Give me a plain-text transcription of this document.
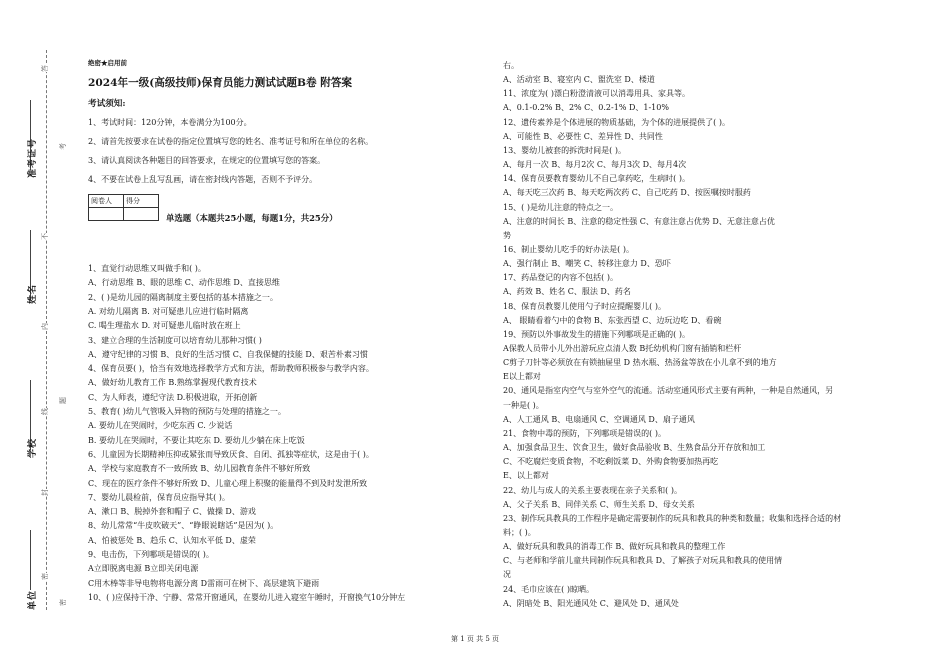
准考证号
姓名
学校
单位
答
不
内
线
封
密
考
题
密
绝密★启用前
2024年一级(高级技师)保育员能力测试试题B卷 附答案
考试须知:
1、考试时间：120分钟，本卷满分为100分。
2、请首先按要求在试卷的指定位置填写您的姓名、准考证号和所在单位的名称。
3、请认真阅读各种题目的回答要求，在规定的位置填写您的答案。
4、不要在试卷上乱写乱画，请在密封线内答题，否则不予评分。
阅卷人	得分

单选题（本题共25小题，每题1分，共25分）
1、直觉行动思维又叫做手和( )。
A、行动思维 B、眼的思维 C、动作思维 D、直接思维
2、( )是幼儿园的隔离制度主要包括的基本措施之一。
A. 对幼儿隔离 B. 对可疑患儿应进行临时隔离
C. 喝生理盐水 D. 对可疑患儿临时放在班上
3、建立合理的生活制度可以培育幼儿那种习惯( )
A、遵守纪律的习惯 B、良好的生活习惯 C、自我保健的技能 D、艰苦朴素习惯
4、保育员要( )，恰当有效地选择教学方式和方法，帮助教师积极参与教学内容。
A、做好幼儿教育工作 B.熟练掌握现代教育技术
C、为人师表，遵纪守法 D.积极进取，开拓创新
5、教育( )幼儿气管吸入异物的预防与处理的措施之一。
A. 要幼儿在哭闹时，少吃东西 C. 少说话
B. 要幼儿在哭闹时，不要让其吃东 D. 要幼儿少躺在床上吃饭
6、儿童因为长期精神压抑或紧张而导致厌食、自闭、孤独等症状，这是由于( )。
A、学校与家庭教育不一致所致 B、幼儿园教育条件不够好所致
C、现在的医疗条件不够好所致 D、儿童心理上积聚的能量得不到及时发泄所致
7、婴幼儿晨检前，保育员应指导其( )。
A、漱口 B、脱掉外套和帽子 C、做操 D、游戏
8、幼儿常常“牛皮吹破天”、“睁眼说瞎话”是因为( )。
A、怕被惩处 B、趋乐 C、认知水平低 D、虚荣
9、电击伤，下列哪项是错误的( )。
A立即脱离电源 B立即关闭电源
C用木棒等非导电物将电源分离 D雷雨可在树下、高层建筑下避雨
10、( )应保持干净、宁静、常常开窗通风，在婴幼儿进入寝室午睡时，开窗换气10分钟左
右。
A、活动室 B、寝室内 C、盥洗室 D、楼道
11、浓度为( )漂白粉澄清液可以消毒用具、家具等。
A、0.1-0.2% B、2% C、0.2-1% D、1-10%
12、遗传素养是个体进展的物质基础，为个体的进展提供了( )。
A、可能性 B、必要性 C、差异性 D、共同性
13、婴幼儿被套的拆洗时间是( )。
A、每月一次 B、每月2次 C、每月3次 D、每月4次
14、保育员要教育婴幼儿不自己拿药吃，生病时( )。
A、每天吃三次药 B、每天吃两次药 C、自己吃药 D、按医嘱按时服药
15、( )是幼儿注意的特点之一。
A、注意的时间长 B、注意的稳定性强 C、有意注意占优势 D、无意注意占优
势
16、制止婴幼儿吃手的好办法是( )。
A、强行制止 B、嘲笑 C、转移注意力 D、恐吓
17、药品登记的内容不包括( )。
A、药效 B、姓名 C、服法 D、药名
18、保育员教婴儿使用勺子时应提醒婴儿( )。
A、 眼睛看着勺中的食物 B、东张西望 C、边玩边吃 D、看碗
19、预防以外事故发生的措施下列哪项是正确的( )。
A保教人员带小儿外出游玩应点清人数 B托幼机构门窗有插销和栏杆
C剪子刀针等必须放在有锁抽屉里 D 热水瓶、热汤盆等放在小儿拿不到的地方
E以上都对
20、通风是指室内空气与室外空气的流通。活动室通风形式主要有两种，一种是自然通风，另
一种是( )。
A、人工通风 B、电扇通风 C、空调通风 D、扇子通风
21、食物中毒的预防，下列哪项是错误的( )。
A、加强食品卫生、饮食卫生，做好食品验收 B、生熟食品分开存放和加工
C、不吃腐烂变质食物，不吃剩饭菜 D、外购食物要加热再吃
E、以上都对
22、幼儿与成人的关系主要表现在亲子关系和( )。
A、父子关系 B、同伴关系 C、师生关系 D、母女关系
23、制作玩具教具的工作程序是确定需要制作的玩具和教具的种类和数量；收集和选择合适的材
料；( )。
A、做好玩具和教具的消毒工作 B、做好玩具和教具的整理工作
C、与老师和学前儿童共同制作玩具和教具 D、了解孩子对玩具和教具的使用情
况
24、毛巾应该在( )晾晒。
A、阴暗处 B、阳光通风处 C、避风处 D、通风处
第 1 页 共 5 页
